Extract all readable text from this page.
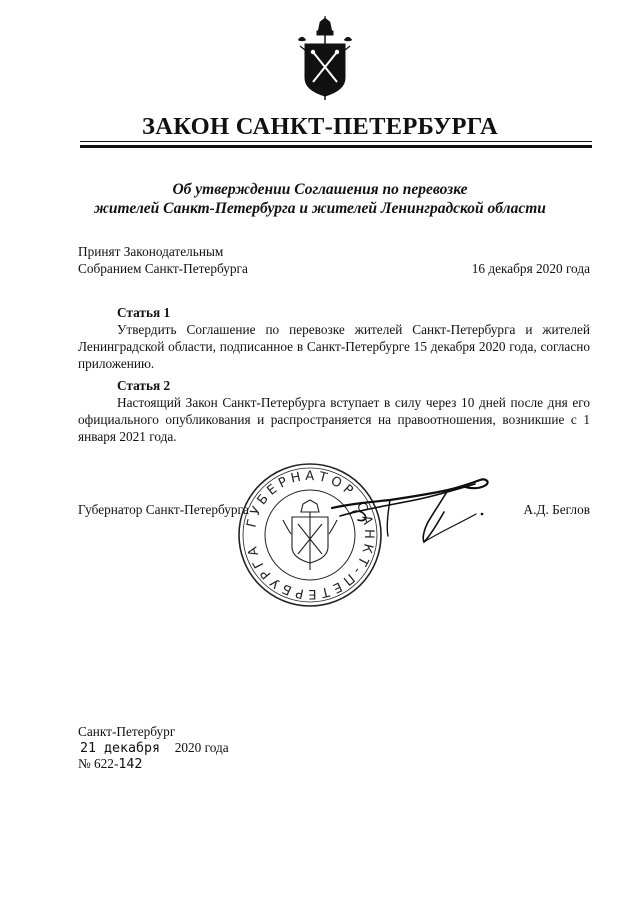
ЗАКОН САНКТ-ПЕТЕРБУРГА
Об утверждении Соглашения по перевозке
жителей Санкт-Петербурга и жителей Ленинградской области
Принят Законодательным
Собранием Санкт-Петербурга	16 декабря 2020 года
Статья 1
Утвердить Соглашение по перевозке жителей Санкт-Петербурга и жителей Ленинградской области, подписанное в Санкт-Петербурге 15 декабря 2020 года, согласно приложению.
Статья 2
Настоящий Закон Санкт-Петербурга вступает в силу через 10 дней после дня его официального опубликования и распространяется на правоотношения, возникшие с 1 января 2021 года.
Губернатор Санкт-Петербурга	А.Д. Беглов
ГУБЕРНАТОР САНКТ-ПЕТЕРБУРГА
Санкт-Петербург
21 декабря 2020 года
№ 622-142
